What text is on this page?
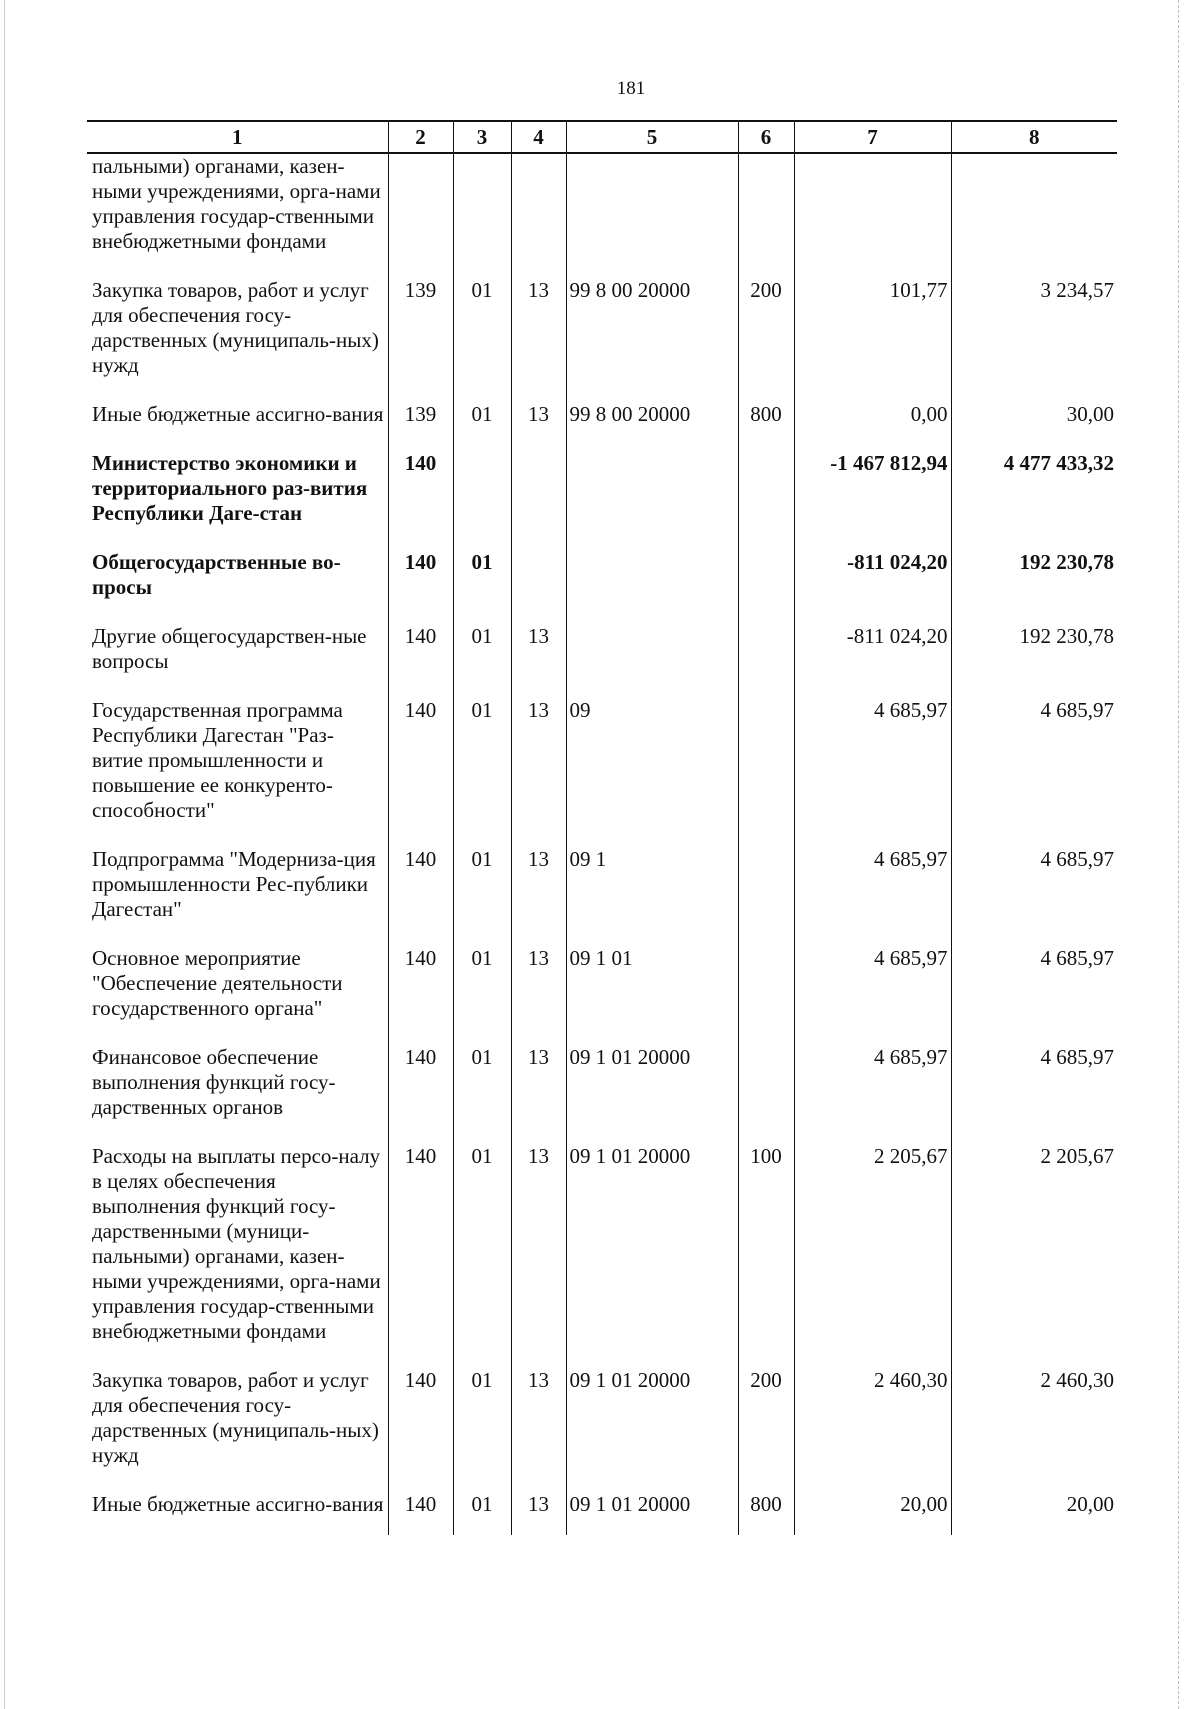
181
1	2	3	4	5	6	7	8
пальными) органами, казен-ными учреждениями, орга-нами управления государ-ственными внебюджетными фондами							
Закупка товаров, работ и услуг для обеспечения госу-дарственных (муниципаль-ных) нужд	139	01	13	99 8 00 20000	200	101,77	3 234,57
Иные бюджетные ассигно-вания	139	01	13	99 8 00 20000	800	0,00	30,00
Министерство экономики и территориального раз-вития Республики Даге-стан	140					-1 467 812,94	4 477 433,32
Общегосударственные во-просы	140	01				-811 024,20	192 230,78
Другие общегосударствен-ные вопросы	140	01	13			-811 024,20	192 230,78
Государственная программа Республики Дагестан "Раз-витие промышленности и повышение ее конкуренто-способности"	140	01	13	09		4 685,97	4 685,97
Подпрограмма "Модерниза-ция промышленности Рес-публики Дагестан"	140	01	13	09 1		4 685,97	4 685,97
Основное мероприятие "Обеспечение деятельности государственного органа"	140	01	13	09 1 01		4 685,97	4 685,97
Финансовое обеспечение выполнения функций госу-дарственных органов	140	01	13	09 1 01 20000		4 685,97	4 685,97
Расходы на выплаты персо-налу в целях обеспечения выполнения функций госу-дарственными (муници-пальными) органами, казен-ными учреждениями, орга-нами управления государ-ственными внебюджетными фондами	140	01	13	09 1 01 20000	100	2 205,67	2 205,67
Закупка товаров, работ и услуг для обеспечения госу-дарственных (муниципаль-ных) нужд	140	01	13	09 1 01 20000	200	2 460,30	2 460,30
Иные бюджетные ассигно-вания	140	01	13	09 1 01 20000	800	20,00	20,00
